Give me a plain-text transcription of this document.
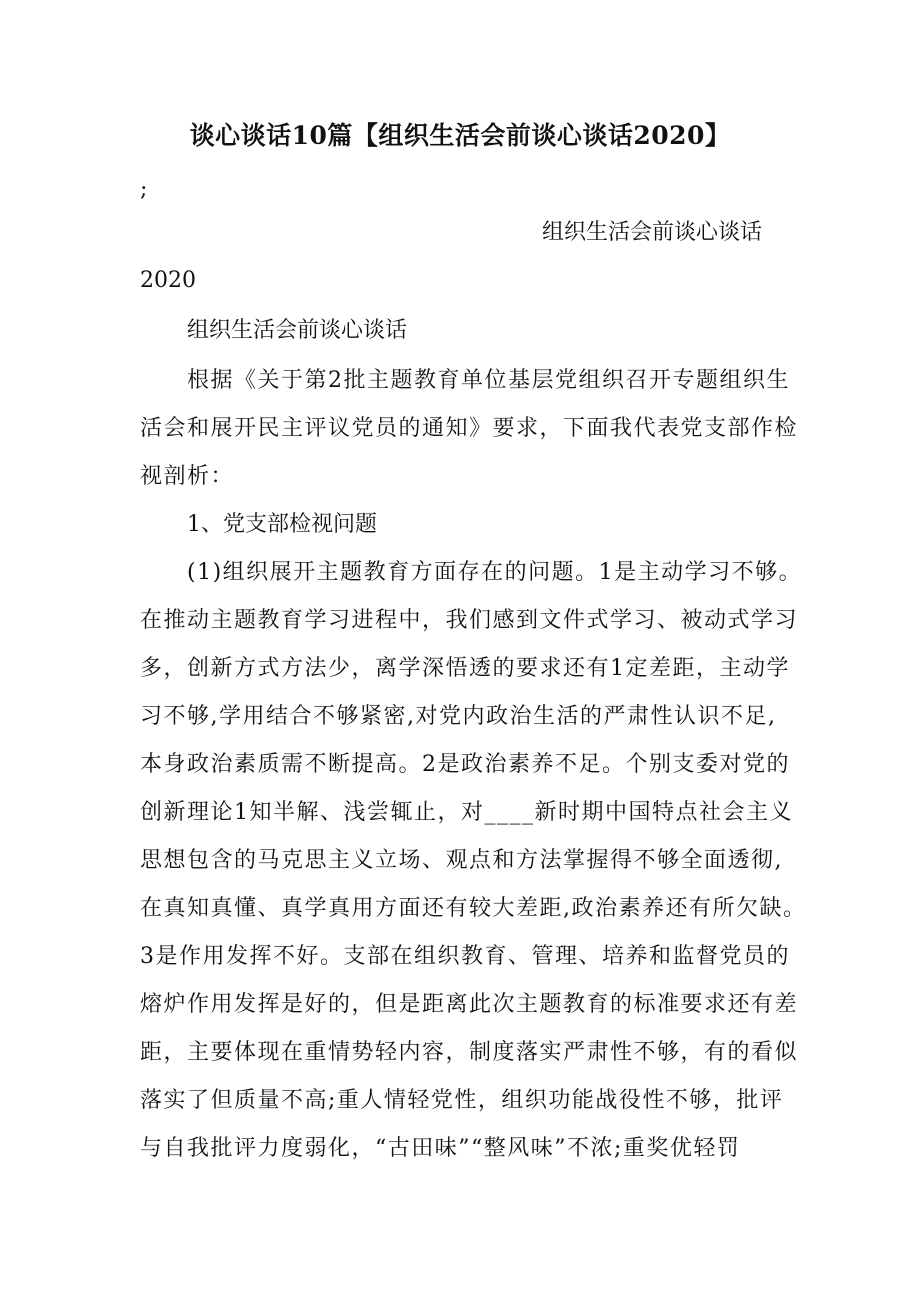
谈心谈话10篇【组织生活会前谈心谈话2020】
;
组织生活会前谈心谈话
2020
组织生活会前谈心谈话
根据《关于第2批主题教育单位基层党组织召开专题组织生
活会和展开民主评议党员的通知》要求，下面我代表党支部作检
视剖析：
1、党支部检视问题
(1)组织展开主题教育方面存在的问题。1是主动学习不够。
在推动主题教育学习进程中，我们感到文件式学习、被动式学习
多，创新方式方法少，离学深悟透的要求还有1定差距，主动学
习不够,学用结合不够紧密,对党内政治生活的严肃性认识不足,
本身政治素质需不断提高。2是政治素养不足。个别支委对党的
创新理论1知半解、浅尝辄止，对____新时期中国特点社会主义
思想包含的马克思主义立场、观点和方法掌握得不够全面透彻,
在真知真懂、真学真用方面还有较大差距,政治素养还有所欠缺。
3是作用发挥不好。支部在组织教育、管理、培养和监督党员的
熔炉作用发挥是好的，但是距离此次主题教育的标准要求还有差
距，主要体现在重情势轻内容，制度落实严肃性不够，有的看似
落实了但质量不高;重人情轻党性，组织功能战役性不够，批评
与自我批评力度弱化，“古田味”“整风味”不浓;重奖优轻罚
